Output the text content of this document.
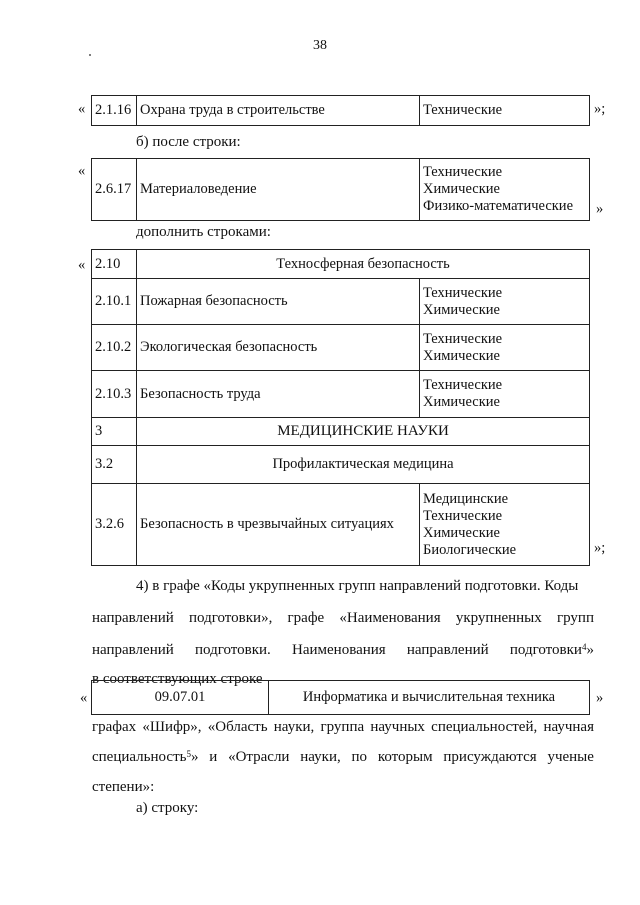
38
« 2.1.16	Охрана труда в строительстве	Технические	»;
б) после строки:
«
2.6.17	Материаловедение	
Технические
Химические
Физико-математические	»
дополнить строками:
« 2.10	Техносферная безопасность	
2.10.1	Пожарная безопасность	Технические
Химические

2.10.2	Экологическая безопасность	Технические
Химические

2.10.3	Безопасность труда	Технические
Химические

3	МЕДИЦИНСКИЕ НАУКИ	
3.2	Профилактическая медицина	
3.2.6	Безопасность в чрезвычайных ситуациях	Медицинские
Технические
Химические
Биологические	»;
4) в графе «Коды укрупненных групп направлений подготовки. Коды
направлений подготовки», графе «Наименования укрупненных групп
направлений подготовки. Наименования направлений подготовки$^4$»
в соответствующих строке
«	09.07.01	Информатика и вычислительная техника	»
графах «Шифр», «Область науки, группа научных специальностей, научная
специальность$^5$» и «Отрасли науки, по которым присуждаются ученые
степени»:
а) строку:
